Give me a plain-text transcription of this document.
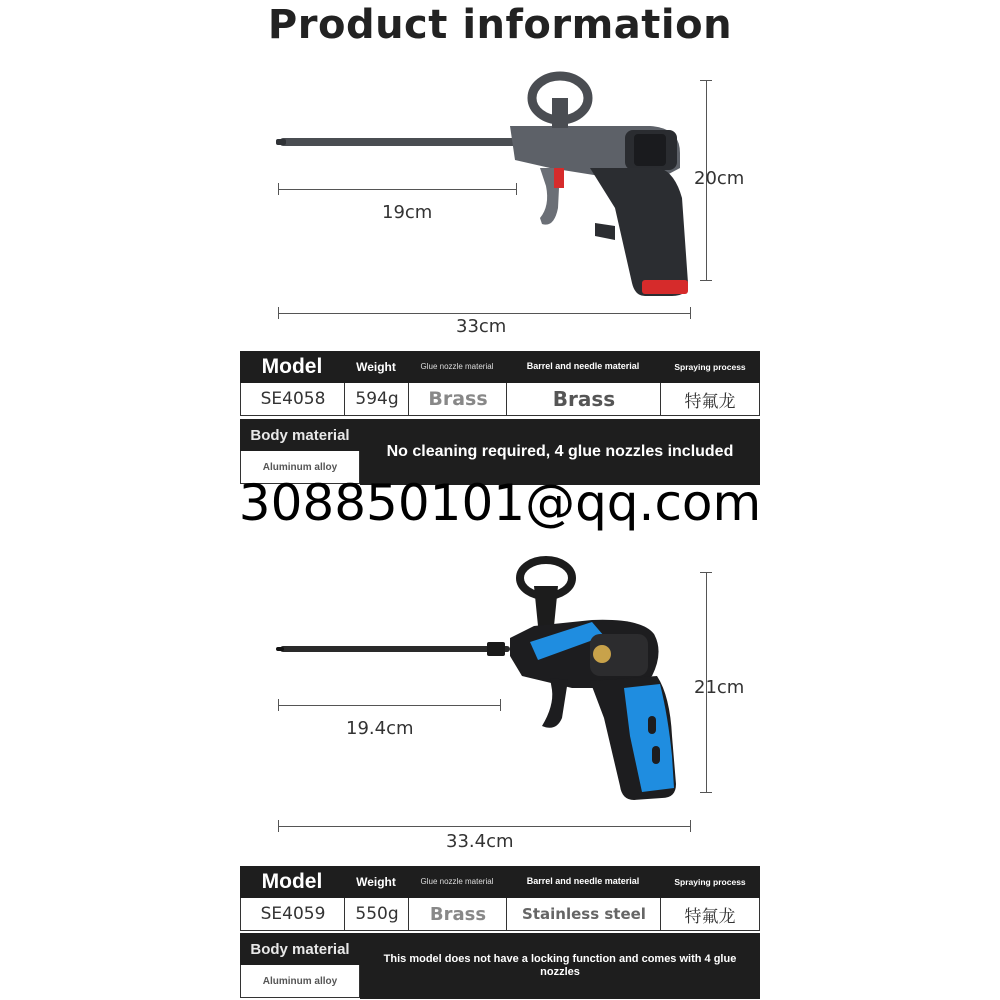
Product information
19cm
20cm
33cm
Model	Weight	Glue nozzle material	Barrel and needle material	Spraying process
SE4058	594g	Brass	Brass	特氟龙
Body material
Aluminum alloy
No cleaning required, 4 glue nozzles included
308850101@qq.com
19.4cm
21cm
33.4cm
Model	Weight	Glue nozzle material	Barrel and needle material	Spraying process
SE4059	550g	Brass	Stainless steel	特氟龙
Body material
Aluminum alloy
This model does not have a locking function and comes with 4 glue nozzles
